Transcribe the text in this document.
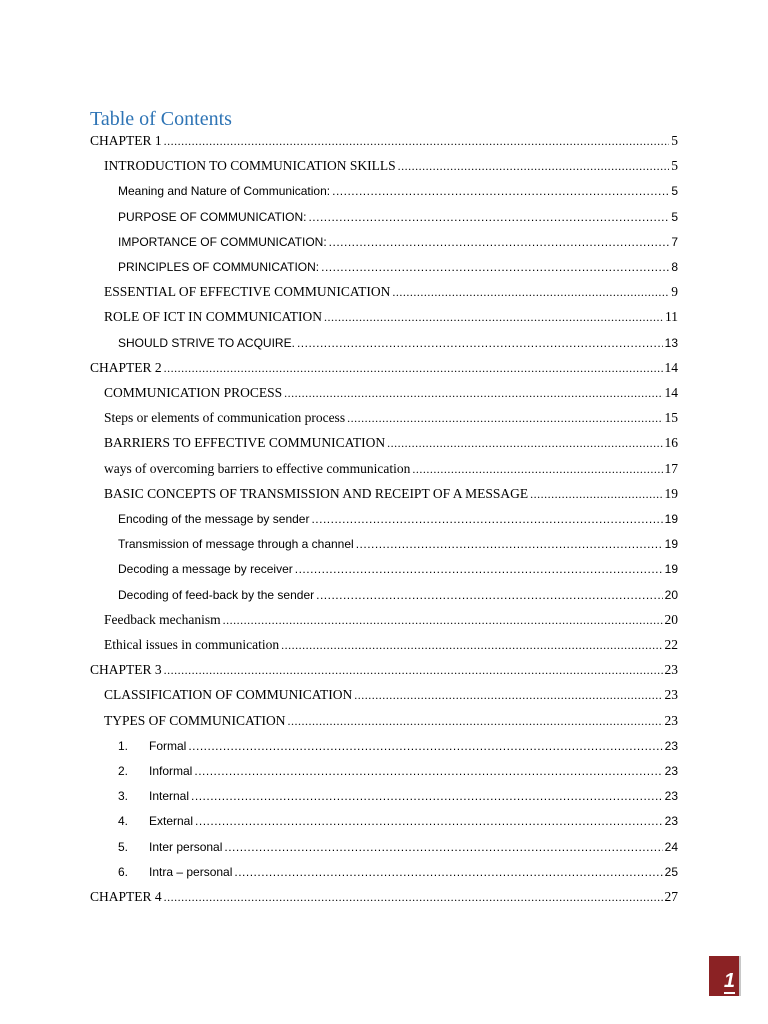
Table of Contents
CHAPTER 1 .....	5
INTRODUCTION TO COMMUNICATION SKILLS .....	5
Meaning and Nature of Communication: .....	5
PURPOSE OF COMMUNICATION: .....	5
IMPORTANCE OF COMMUNICATION: .....	7
PRINCIPLES OF COMMUNICATION: .....	8
ESSENTIAL OF EFFECTIVE COMMUNICATION .....	9
ROLE OF ICT IN COMMUNICATION .....	11
SHOULD STRIVE TO ACQUIRE. .....	13
CHAPTER 2 .....	14
COMMUNICATION PROCESS .....	14
Steps or elements of communication process .....	15
BARRIERS TO EFFECTIVE COMMUNICATION .....	16
ways of overcoming barriers to effective communication .....	17
BASIC CONCEPTS OF TRANSMISSION AND RECEIPT OF A MESSAGE .....	19
Encoding of the message by sender .....	19
Transmission of message through a channel .....	19
Decoding a message by receiver .....	19
Decoding of feed-back by the sender .....	20
Feedback mechanism .....	20
Ethical issues in communication .....	22
CHAPTER 3 .....	23
CLASSIFICATION OF COMMUNICATION .....	23
TYPES OF COMMUNICATION .....	23
1.	Formal .....	23
2.	Informal .....	23
3.	Internal .....	23
4.	External .....	23
5.	Inter personal .....	24
6.	Intra – personal .....	25
CHAPTER 4 .....	27
1
